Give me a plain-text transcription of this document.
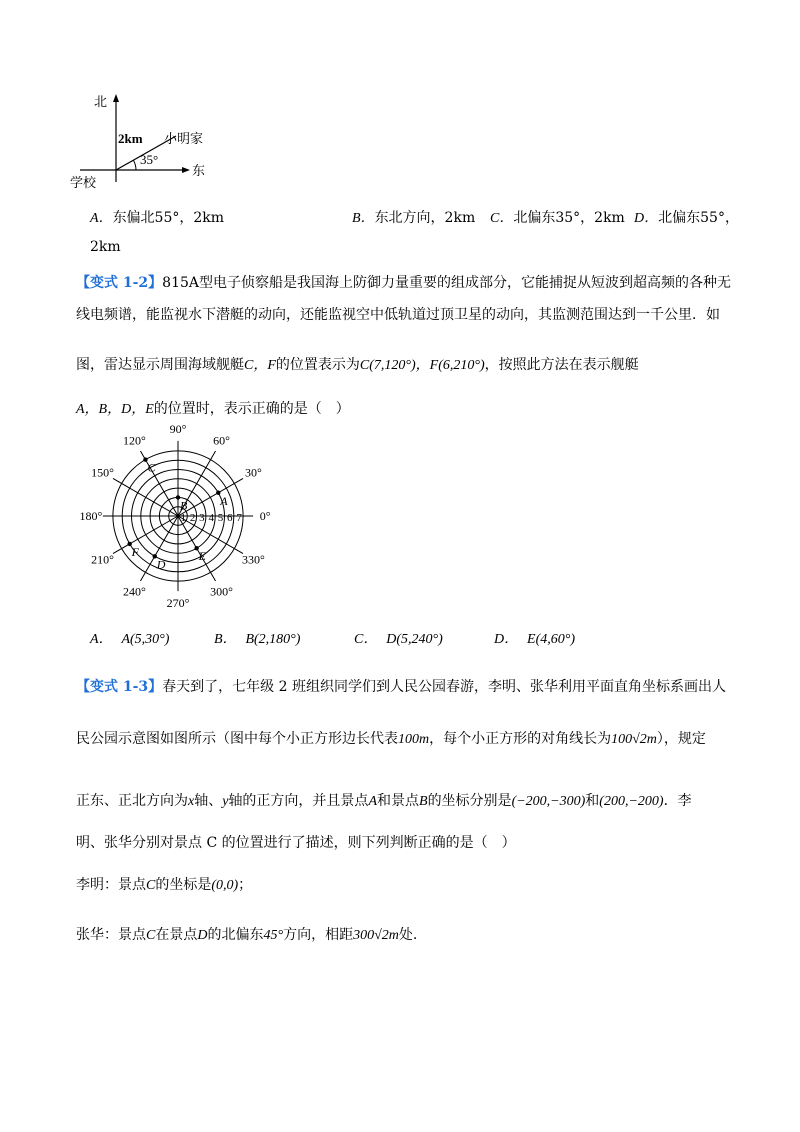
北
2km 小明家
35°
学校
东
A．东偏北55°，2km	B．东北方向，2km C．北偏东35°，2km D．北偏东55°，
2km
【变式 1-2】815A型电子侦察船是我国海上防御力量重要的组成部分，它能捕捉从短波到超高频的各种无
线电频谱，能监视水下潜艇的动向，还能监视空中低轨道过顶卫星的动向，其监测范围达到一千公里．如
图，雷达显示周围海域舰艇C，F的位置表示为C(7,120°)，F(6,210°)，按照此方法在表示舰艇
A，B，D，E的位置时，表示正确的是（　）
0°
30°
60°
90°
120°
150°
180°
210°
240°
270°
300°
330°
1 2 3 4 5 6 7
A
B
C
D
E
F
A． A(5,30°)	B． B(2,180°)	C． D(5,240°)	D． E(4,60°)
【变式 1-3】春天到了，七年级 2 班组织同学们到人民公园春游，李明、张华利用平面直角坐标系画出人
民公园示意图如图所示（图中每个小正方形边长代表100m，每个小正方形的对角线长为100√2m），规定
正东、正北方向为x轴、y轴的正方向，并且景点A和景点B的坐标分别是(−200,−300)和(200,−200)．李
明、张华分别对景点 C 的位置进行了描述，则下列判断正确的是（　）
李明：景点C的坐标是(0,0)；
张华：景点C在景点D的北偏东45°方向，相距300√2m处.
